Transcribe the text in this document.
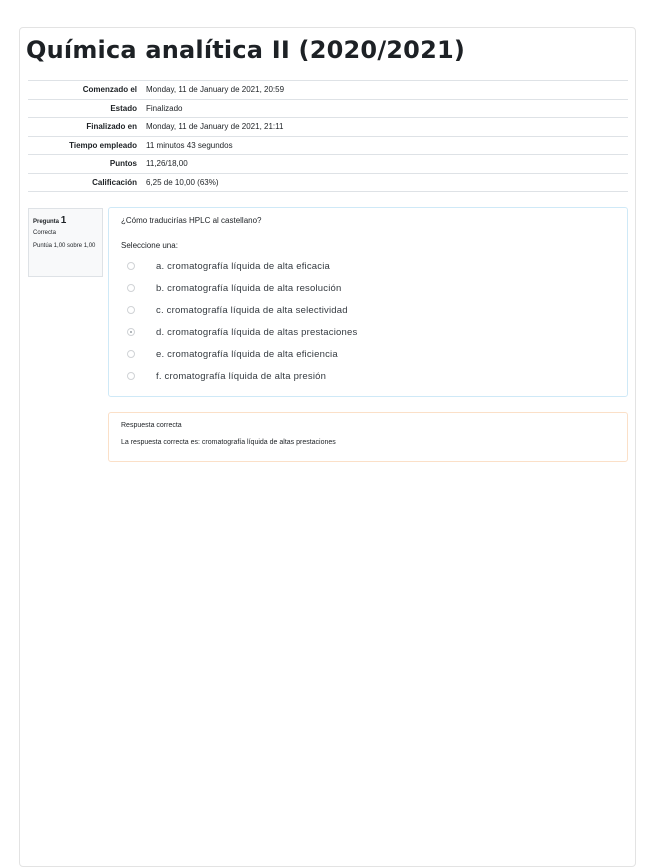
Química analítica II (2020/2021)
Comenzado el	Monday, 11 de January de 2021, 20:59
Estado	Finalizado
Finalizado en	Monday, 11 de January de 2021, 21:11
Tiempo empleado	11 minutos 43 segundos
Puntos	11,26/18,00
Calificación	6,25 de 10,00 (63%)
Pregunta 1
Correcta
Puntúa 1,00 sobre 1,00
¿Cómo traducirías HPLC al castellano?
Seleccione una:
a. cromatografía líquida de alta eficacia
b. cromatografía líquida de alta resolución
c. cromatografía líquida de alta selectividad
d. cromatografía líquida de altas prestaciones
e. cromatografía líquida de alta eficiencia
f. cromatografía líquida de alta presión
Respuesta correcta
La respuesta correcta es: cromatografía líquida de altas prestaciones
